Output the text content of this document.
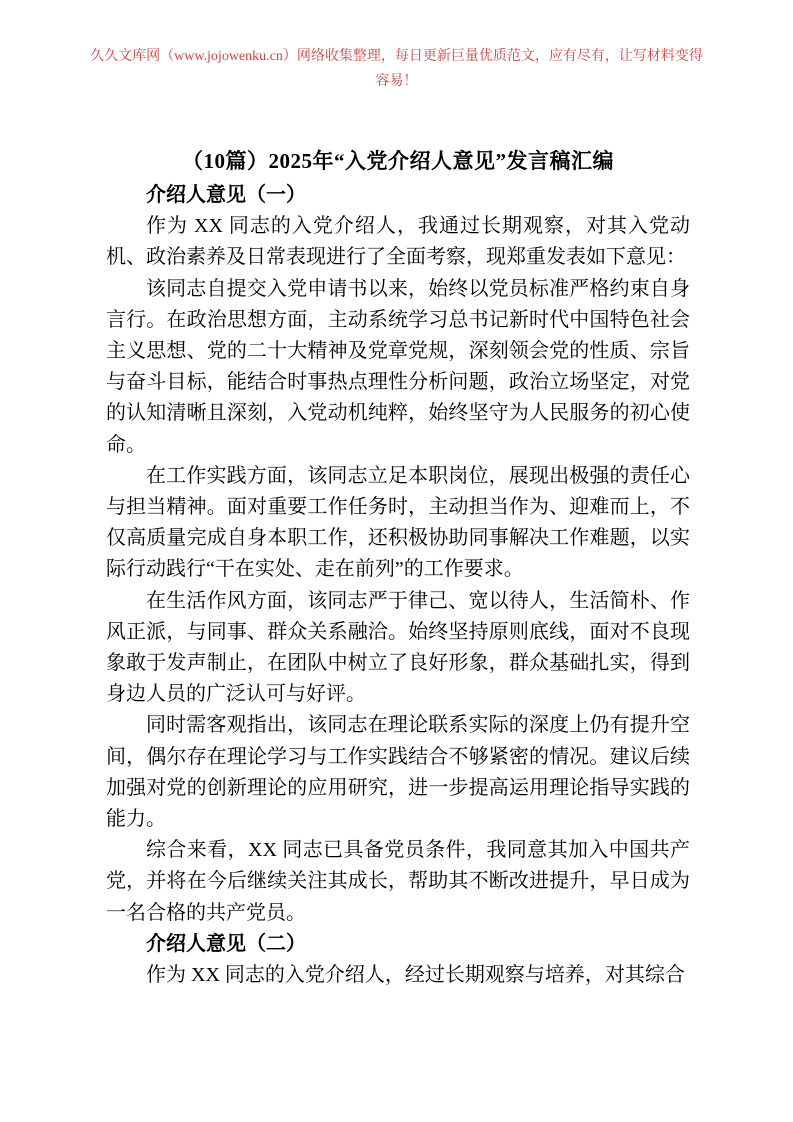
久久文库网（www.jojowenku.cn）网络收集整理，每日更新巨量优质范文，应有尽有，让写材料变得
容易！
（10篇）2025年“入党介绍人意见”发言稿汇编
介绍人意见（一）

作为 XX 同志的入党介绍人，我通过长期观察，对其入党动机、政治素养及日常表现进行了全面考察，现郑重发表如下意见：

该同志自提交入党申请书以来，始终以党员标准严格约束自身言行。在政治思想方面，主动系统学习总书记新时代中国特色社会主义思想、党的二十大精神及党章党规，深刻领会党的性质、宗旨与奋斗目标，能结合时事热点理性分析问题，政治立场坚定，对党的认知清晰且深刻，入党动机纯粹，始终坚守为人民服务的初心使命。

在工作实践方面，该同志立足本职岗位，展现出极强的责任心与担当精神。面对重要工作任务时，主动担当作为、迎难而上，不仅高质量完成自身本职工作，还积极协助同事解决工作难题，以实际行动践行“干在实处、走在前列”的工作要求。

在生活作风方面，该同志严于律己、宽以待人，生活简朴、作风正派，与同事、群众关系融洽。始终坚持原则底线，面对不良现象敢于发声制止，在团队中树立了良好形象，群众基础扎实，得到身边人员的广泛认可与好评。

同时需客观指出，该同志在理论联系实际的深度上仍有提升空间，偶尔存在理论学习与工作实践结合不够紧密的情况。建议后续加强对党的创新理论的应用研究，进一步提高运用理论指导实践的能力。

综合来看，XX 同志已具备党员条件，我同意其加入中国共产党，并将在今后继续关注其成长，帮助其不断改进提升，早日成为一名合格的共产党员。

介绍人意见（二）

作为 XX 同志的入党介绍人，经过长期观察与培养，对其综合
